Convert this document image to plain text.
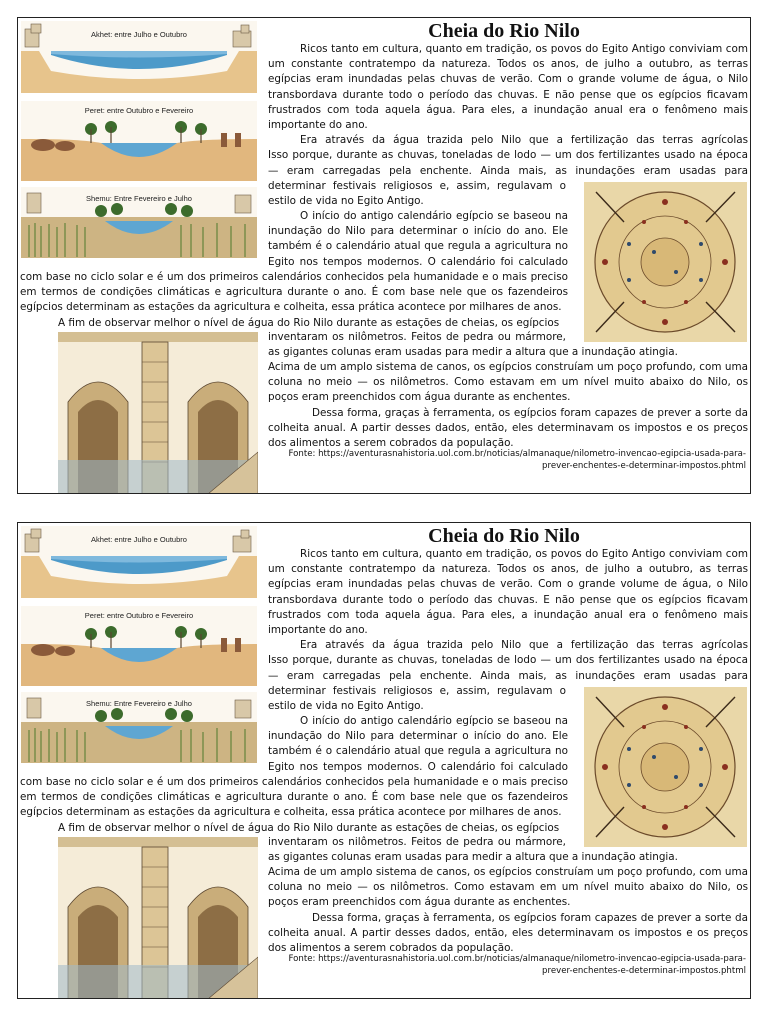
Akhet: entre Julho e Outubro
Peret: entre Outubro e Fevereiro
Shemu: Entre Fevereiro e Julho
Cheia do Rio Nilo
Ricos tanto em cultura, quanto em tradição, os povos do Egito Antigo conviviam com
um constante contratempo da natureza. Todos os anos, de julho a outubro, as terras
egípcias eram inundadas pelas chuvas de verão. Com o grande volume de água, o Nilo
transbordava durante todo o período das chuvas. E não pense que os egípcios ficavam
frustrados com toda aquela água. Para eles, a inundação anual era o fenômeno mais
importante do ano.
Era através da água trazida pelo Nilo que a fertilização das terras agrícolas
Isso porque, durante as chuvas, toneladas de lodo — um dos fertilizantes usado na época
— eram carregadas pela enchente. Ainda mais, as inundações eram usadas para
determinar festivais religiosos e, assim, regulavam o
estilo de vida no Egito Antigo.
O início do antigo calendário egípcio se baseou na
inundação do Nilo para determinar o início do ano. Ele
também é o calendário atual que regula a agricultura no
Egito nos tempos modernos. O calendário foi calculado
com base no ciclo solar e é um dos primeiros calendários conhecidos pela humanidade e o mais preciso
em termos de condições climáticas e agricultura durante o ano. É com base nele que os fazendeiros
egípcios determinam as estações da agricultura e colheita, essa prática acontece por milhares de anos.
A fim de observar melhor o nível de água do Rio Nilo durante as estações de cheias, os egípcios
inventaram os nilômetros. Feitos de pedra ou mármore,
as gigantes colunas eram usadas para medir a altura que a inundação atingia.
Acima de um amplo sistema de canos, os egípcios construíam um poço profundo, com uma
coluna no meio — os nilômetros. Como estavam em um nível muito abaixo do Nilo, os
poços eram preenchidos com água durante as enchentes.
Dessa forma, graças à ferramenta, os egípcios foram capazes de prever a sorte da
colheita anual. A partir desses dados, então, eles determinavam os impostos e os preços
dos alimentos a serem cobrados da população.
Fonte: https://aventurasnahistoria.uol.com.br/noticias/almanaque/nilometro-invencao-egipcia-usada-para-
prever-enchentes-e-determinar-impostos.phtml
Akhet: entre Julho e Outubro
Peret: entre Outubro e Fevereiro
Shemu: Entre Fevereiro e Julho
Cheia do Rio Nilo
Ricos tanto em cultura, quanto em tradição, os povos do Egito Antigo conviviam com
um constante contratempo da natureza. Todos os anos, de julho a outubro, as terras
egípcias eram inundadas pelas chuvas de verão. Com o grande volume de água, o Nilo
transbordava durante todo o período das chuvas. E não pense que os egípcios ficavam
frustrados com toda aquela água. Para eles, a inundação anual era o fenômeno mais
importante do ano.
Era através da água trazida pelo Nilo que a fertilização das terras agrícolas
Isso porque, durante as chuvas, toneladas de lodo — um dos fertilizantes usado na época
— eram carregadas pela enchente. Ainda mais, as inundações eram usadas para
determinar festivais religiosos e, assim, regulavam o
estilo de vida no Egito Antigo.
O início do antigo calendário egípcio se baseou na
inundação do Nilo para determinar o início do ano. Ele
também é o calendário atual que regula a agricultura no
Egito nos tempos modernos. O calendário foi calculado
com base no ciclo solar e é um dos primeiros calendários conhecidos pela humanidade e o mais preciso
em termos de condições climáticas e agricultura durante o ano. É com base nele que os fazendeiros
egípcios determinam as estações da agricultura e colheita, essa prática acontece por milhares de anos.
A fim de observar melhor o nível de água do Rio Nilo durante as estações de cheias, os egípcios
inventaram os nilômetros. Feitos de pedra ou mármore,
as gigantes colunas eram usadas para medir a altura que a inundação atingia.
Acima de um amplo sistema de canos, os egípcios construíam um poço profundo, com uma
coluna no meio — os nilômetros. Como estavam em um nível muito abaixo do Nilo, os
poços eram preenchidos com água durante as enchentes.
Dessa forma, graças à ferramenta, os egípcios foram capazes de prever a sorte da
colheita anual. A partir desses dados, então, eles determinavam os impostos e os preços
dos alimentos a serem cobrados da população.
Fonte: https://aventurasnahistoria.uol.com.br/noticias/almanaque/nilometro-invencao-egipcia-usada-para-
prever-enchentes-e-determinar-impostos.phtml
